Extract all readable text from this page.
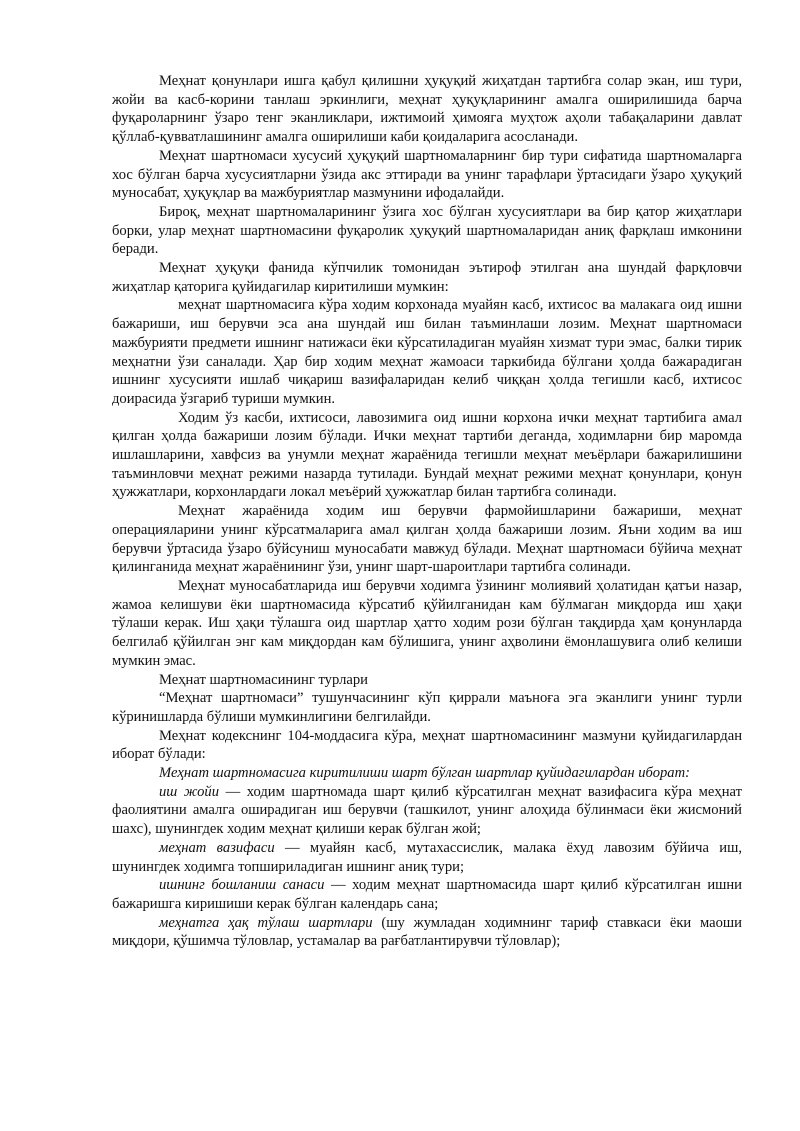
Меҳнат қонунлари ишга қабул қилишни ҳуқуқий жиҳатдан тартибга солар экан, иш тури, жойи ва касб-корини танлаш эркинлиги, меҳнат ҳуқуқларининг амалга оширилишида барча фуқароларнинг ўзаро тенг эканликлари, ижтимоий ҳимояга муҳтож аҳоли табақаларини давлат қўллаб-қувватлашининг амалга оширилиши каби қоидаларига асосланади.

Меҳнат шартномаси хусусий ҳуқуқий шартномаларнинг бир тури сифатида шартномаларга хос бўлган барча хусусиятларни ўзида акс эттиради ва унинг тарафлари ўртасидаги ўзаро ҳуқуқий муносабат, ҳуқуқлар ва мажбуриятлар мазмунини ифодалайди.

Бироқ, меҳнат шартномаларининг ўзига хос бўлган хусусиятлари ва бир қатор жиҳатлари борки, улар меҳнат шартномасини фуқаролик ҳуқуқий шартномаларидан аниқ фарқлаш имконини беради.

Меҳнат ҳуқуқи фанида кўпчилик томонидан эътироф этилган ана шундай фарқловчи жиҳатлар қаторига қуйидагилар киритилиши мумкин:

меҳнат шартномасига кўра ходим корхонада муайян касб, ихтисос ва малакага оид ишни бажариши, иш берувчи эса ана шундай иш билан таъминлаши лозим. Меҳнат шартномаси мажбурияти предмети ишнинг натижаси ёки кўрсатиладиган муайян хизмат тури эмас, балки тирик меҳнатни ўзи саналади. Ҳар бир ходим меҳнат жамоаси таркибида бўлгани ҳолда бажарадиган ишнинг хусусияти ишлаб чиқариш вазифаларидан келиб чиққан ҳолда тегишли касб, ихтисос доирасида ўзгариб туриши мумкин.

Ходим ўз касби, ихтисоси, лавозимига оид ишни корхона ички меҳнат тартибига амал қилган ҳолда бажариши лозим бўлади. Ички меҳнат тартиби деганда, ходимларни бир маромда ишлашларини, хавфсиз ва унумли меҳнат жараёнида тегишли меҳнат меъёрлари бажарилишини таъминловчи меҳнат режими назарда тутилади. Бундай меҳнат режими меҳнат қонунлари, қонун ҳужжатлари, корхонлардаги локал меъёрий ҳужжатлар билан тартибга солинади.

Меҳнат жараёнида ходим иш берувчи фармойишларини бажариши, меҳнат операцияларини унинг кўрсатмаларига амал қилган ҳолда бажариши лозим. Яъни ходим ва иш берувчи ўртасида ўзаро бўйсуниш муносабати мавжуд бўлади. Меҳнат шартномаси бўйича меҳнат қилинганида меҳнат жараёнининг ўзи, унинг шарт-шароитлари тартибга солинади.

Меҳнат муносабатларида иш берувчи ходимга ўзининг молиявий ҳолатидан қатъи назар, жамоа келишуви ёки шартномасида кўрсатиб қўйилганидан кам бўлмаган миқдорда иш ҳақи тўлаши керак. Иш ҳақи тўлашга оид шартлар ҳатто ходим рози бўлган тақдирда ҳам қонунларда белгилаб қўйилган энг кам миқдордан кам бўлишига, унинг аҳволини ёмонлашувига олиб келиши мумкин эмас.

Меҳнат шартномасининг турлари

“Меҳнат шартномаси” тушунчасининг кўп қиррали маъноға эга эканлиги унинг турли кўринишларда бўлиши мумкинлигини белгилайди.

Меҳнат кодекснинг 104-моддасига кўра, меҳнат шартномасининг мазмуни қуйидагилардан иборат бўлади:

Меҳнат шартномасига киритилиши шарт бўлган шартлар қуйидагилардан иборат:

иш жойи — ходим шартномада шарт қилиб кўрсатилган меҳнат вазифасига кўра меҳнат фаолиятини амалга оширадиган иш берувчи (ташкилот, унинг алоҳида бўлинмаси ёки жисмоний шахс), шунингдек ходим меҳнат қилиши керак бўлган жой;

меҳнат вазифаси — муайян касб, мутахассислик, малака ёхуд лавозим бўйича иш, шунингдек ходимга топшириладиган ишнинг аниқ тури;

ишнинг бошланиш санаси — ходим меҳнат шартномасида шарт қилиб кўрсатилган ишни бажаришга киришиши керак бўлган календарь сана;

меҳнатга ҳақ тўлаш шартлари (шу жумладан ходимнинг тариф ставкаси ёки маоши миқдори, қўшимча тўловлар, устамалар ва рағбатлантирувчи тўловлар);
